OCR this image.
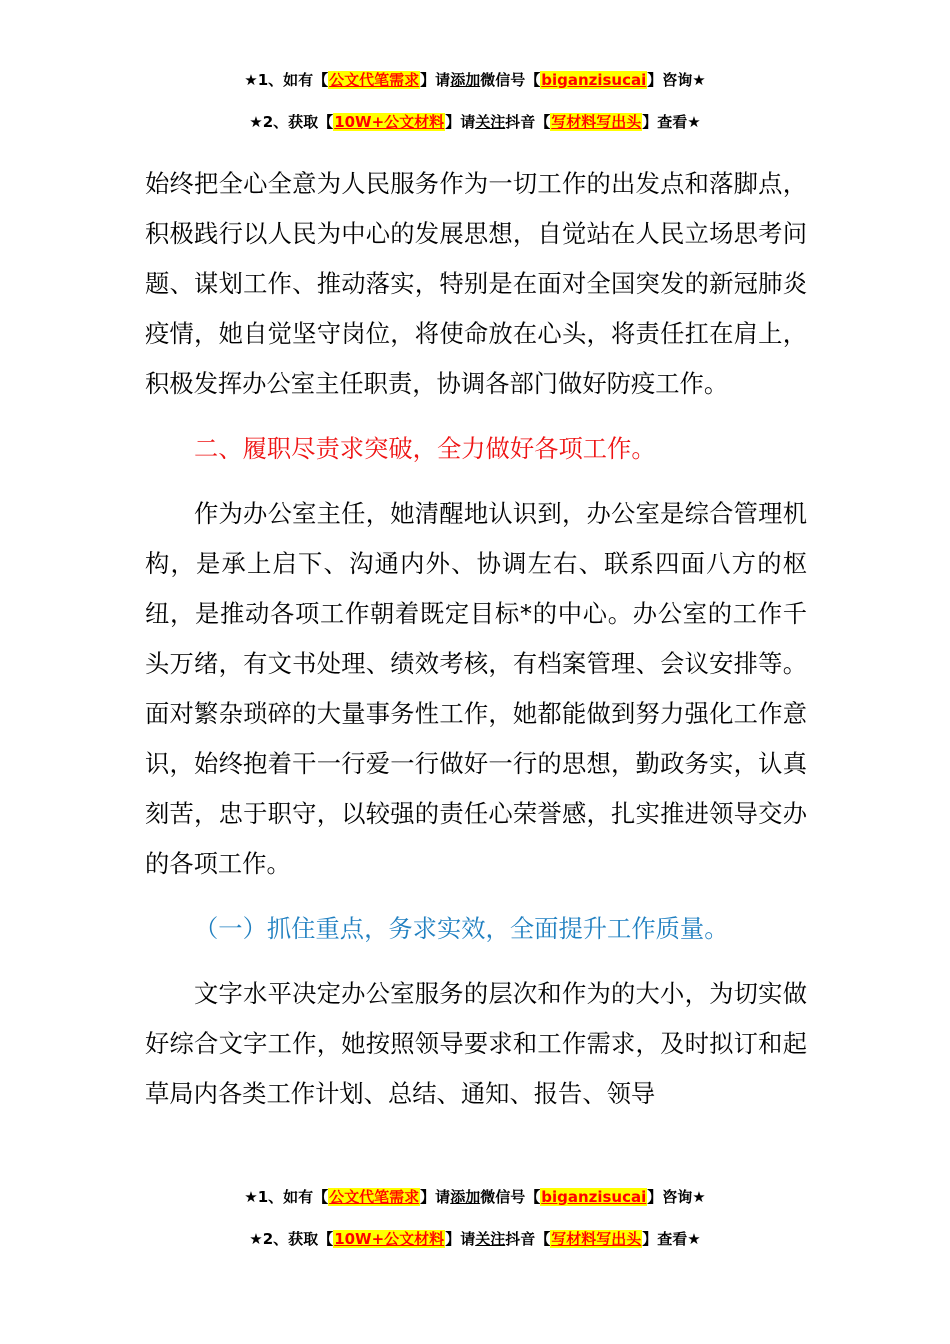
★1、如有【公文代笔需求】请添加微信号【biganzisucai】咨询★
★2、获取【10W+公文材料】请关注抖音【写材料写出头】查看★

始终把全心全意为人民服务作为一切工作的出发点和落脚点，积极践行以人民为中心的发展思想，自觉站在人民立场思考问题、谋划工作、推动落实，特别是在面对全国突发的新冠肺炎疫情，她自觉坚守岗位，将使命放在心头，将责任扛在肩上，积极发挥办公室主任职责，协调各部门做好防疫工作。

二、履职尽责求突破，全力做好各项工作。

作为办公室主任，她清醒地认识到，办公室是综合管理机构，是承上启下、沟通内外、协调左右、联系四面八方的枢纽，是推动各项工作朝着既定目标*的中心。办公室的工作千头万绪，有文书处理、绩效考核，有档案管理、会议安排等。面对繁杂琐碎的大量事务性工作，她都能做到努力强化工作意识，始终抱着干一行爱一行做好一行的思想，勤政务实，认真刻苦，忠于职守，以较强的责任心荣誉感，扎实推进领导交办的各项工作。

（一）抓住重点，务求实效，全面提升工作质量。

文字水平决定办公室服务的层次和作为的大小，为切实做好综合文字工作，她按照领导要求和工作需求，及时拟订和起草局内各类工作计划、总结、通知、报告、领导

★1、如有【公文代笔需求】请添加微信号【biganzisucai】咨询★
★2、获取【10W+公文材料】请关注抖音【写材料写出头】查看★
